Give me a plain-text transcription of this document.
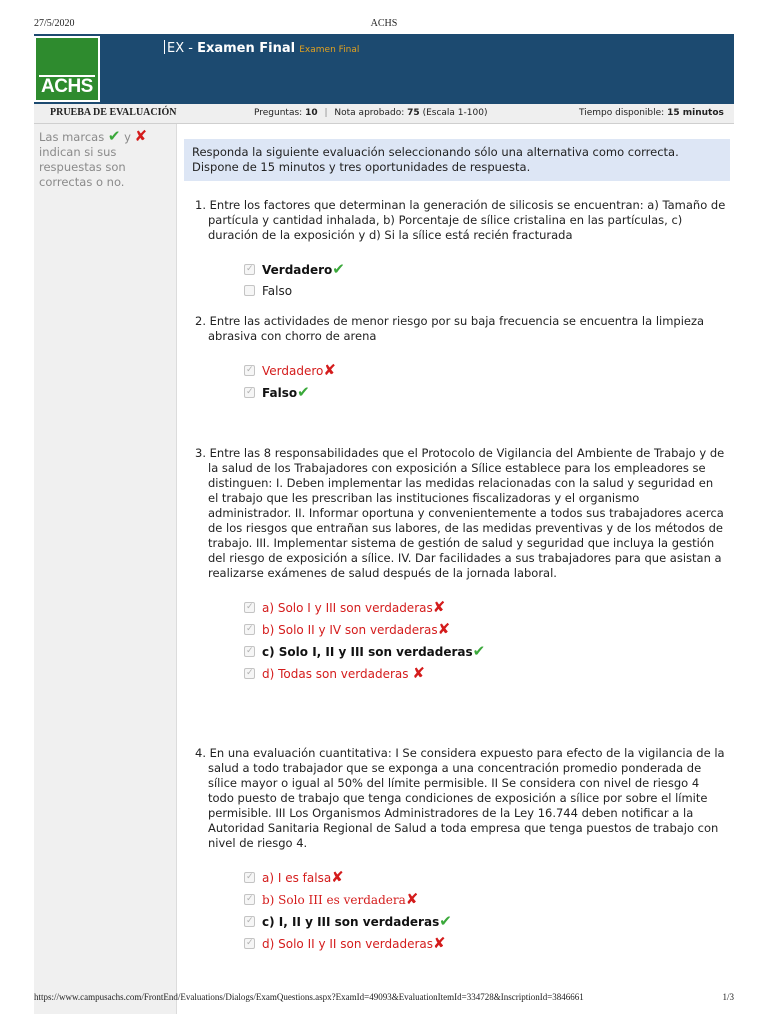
27/5/2020	ACHS
ACHS
EX - Examen Final Examen Final
PRUEBA DE EVALUACIÓN	Preguntas: 10 | Nota aprobado: 75 (Escala 1-100)	Tiempo disponible: 15 minutos
Las marcas ✔ y ✘ indican si sus respuestas son correctas o no.
Responda la siguiente evaluación seleccionando sólo una alternativa como correcta. Dispone de 15 minutos y tres oportunidades de respuesta.
1. Entre los factores que determinan la generación de silicosis se encuentran: a) Tamaño de partícula y cantidad inhalada, b) Porcentaje de sílice cristalina en las partículas, c) duración de la exposición y d) Si la sílice está recién fracturada
✓Verdadero✔
Falso
2. Entre las actividades de menor riesgo por su baja frecuencia se encuentra la limpieza abrasiva con chorro de arena
✓Verdadero✘
✓Falso✔
3. Entre las 8 responsabilidades que el Protocolo de Vigilancia del Ambiente de Trabajo y de la salud de los Trabajadores con exposición a Sílice establece para los empleadores se distinguen: I. Deben implementar las medidas relacionadas con la salud y seguridad en el trabajo que les prescriban las instituciones fiscalizadoras y el organismo administrador. II. Informar oportuna y convenientemente a todos sus trabajadores acerca de los riesgos que entrañan sus labores, de las medidas preventivas y de los métodos de trabajo. III. Implementar sistema de gestión de salud y seguridad que incluya la gestión del riesgo de exposición a sílice. IV. Dar facilidades a sus trabajadores para que asistan a realizarse exámenes de salud después de la jornada laboral.
✓a) Solo I y III son verdaderas✘
✓b) Solo II y IV son verdaderas✘
✓c) Solo I, II y III son verdaderas✔
✓d) Todas son verdaderas ✘
4. En una evaluación cuantitativa: I Se considera expuesto para efecto de la vigilancia de la salud a todo trabajador que se exponga a una concentración promedio ponderada de sílice mayor o igual al 50% del límite permisible. II Se considera con nivel de riesgo 4 todo puesto de trabajo que tenga condiciones de exposición a sílice por sobre el límite permisible. III Los Organismos Administradores de la Ley 16.744 deben notificar a la Autoridad Sanitaria Regional de Salud a toda empresa que tenga puestos de trabajo con nivel de riesgo 4.
✓a) I es falsa✘
✓b) Solo III es verdadera✘
✓c) I, II y III son verdaderas✔
✓d) Solo II y II son verdaderas✘
https://www.campusachs.com/FrontEnd/Evaluations/Dialogs/ExamQuestions.aspx?ExamId=49093&EvaluationItemId=334728&InscriptionId=3846661	1/3
